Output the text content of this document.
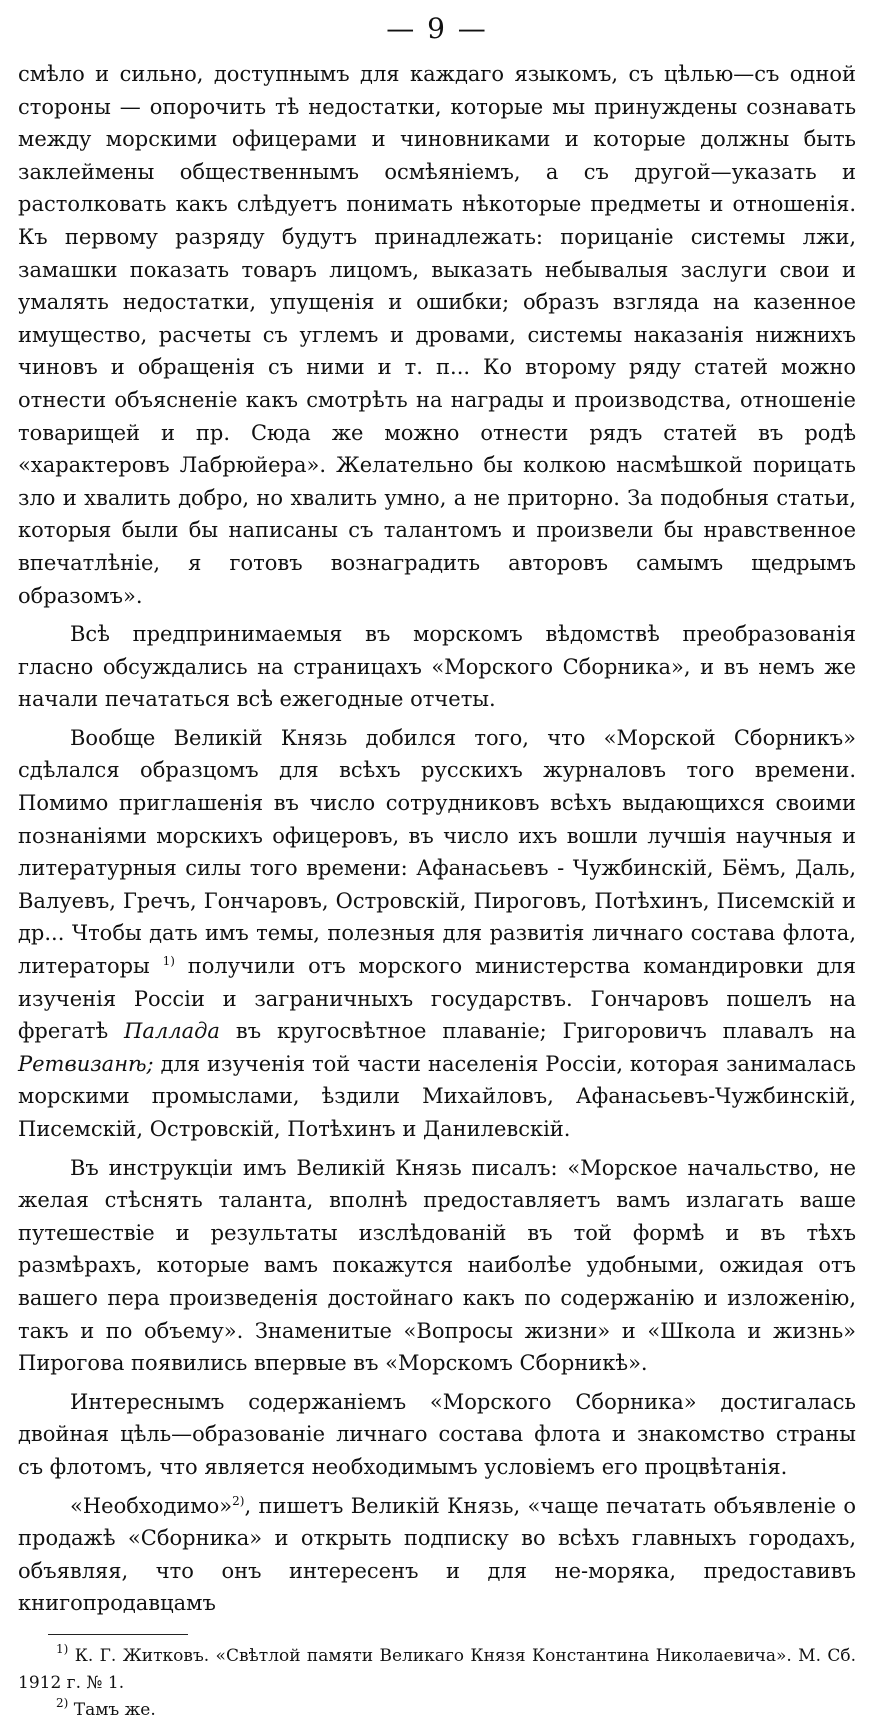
— 9 —

смѣло и сильно, доступнымъ для каждаго языкомъ, съ цѣлью—съ одной стороны — опорочить тѣ недостатки, которые мы принуждены сознавать между морскими офицерами и чиновниками и которые должны быть заклеймены общественнымъ осмѣяніемъ, а съ другой—указать и растолковать какъ слѣдуетъ понимать нѣкоторые предметы и отношенія. Къ первому разряду будутъ принадлежать: порицаніе системы лжи, замашки показать товаръ лицомъ, выказать небывалыя заслуги свои и умалять недостатки, упущенія и ошибки; образъ взгляда на казенное имущество, расчеты съ углемъ и дровами, системы наказанія нижнихъ чиновъ и обращенія съ ними и т. п... Ко второму ряду статей можно отнести объясненіе какъ смотрѣть на награды и производства, отношеніе товарищей и пр. Сюда же можно отнести рядъ статей въ родѣ «характеровъ Лабрюйера». Желательно бы колкою насмѣшкой порицать зло и хвалить добро, но хвалить умно, а не приторно. За подобныя статьи, которыя были бы написаны съ талантомъ и произвели бы нравственное впечатлѣніе, я готовъ вознаградить авторовъ самымъ щедрымъ образомъ».

Всѣ предпринимаемыя въ морскомъ вѣдомствѣ преобразованія гласно обсуждались на страницахъ «Морского Сборника», и въ немъ же начали печататься всѣ ежегодные отчеты.

Вообще Великій Князь добился того, что «Морской Сборникъ» сдѣлался образцомъ для всѣхъ русскихъ журналовъ того времени. Помимо приглашенія въ число сотрудниковъ всѣхъ выдающихся своими познаніями морскихъ офицеровъ, въ число ихъ вошли лучшія научныя и литературныя силы того времени: Афанасьевъ - Чужбинскій, Бёмъ, Даль, Валуевъ, Гречъ, Гончаровъ, Островскій, Пироговъ, Потѣхинъ, Писемскій и др... Чтобы дать имъ темы, полезныя для развитія личнаго состава флота, литераторы $^{1)}$ получили отъ морского министерства командировки для изученія Россіи и заграничныхъ государствъ. Гончаровъ пошелъ на фрегатѣ Паллада въ кругосвѣтное плаваніе; Григоровичъ плавалъ на Ретвизанѣ; для изученія той части населенія Россіи, которая занималась морскими промыслами, ѣздили Михайловъ, Афанасьевъ-Чужбинскій, Писемскій, Островскій, Потѣхинъ и Данилевскій.

Въ инструкціи имъ Великій Князь писалъ: «Морское начальство, не желая стѣснять таланта, вполнѣ предоставляетъ вамъ излагать ваше путешествіе и результаты изслѣдованій въ той формѣ и въ тѣхъ размѣрахъ, которые вамъ покажутся наиболѣе удобными, ожидая отъ вашего пера произведенія достойнаго какъ по содержанію и изложенію, такъ и по объему». Знаменитые «Вопросы жизни» и «Школа и жизнь» Пирогова появились впервые въ «Морскомъ Сборникѣ».

Интереснымъ содержаніемъ «Морского Сборника» достигалась двойная цѣль—образованіе личнаго состава флота и знакомство страны съ флотомъ, что является необходимымъ условіемъ его процвѣтанія.

«Необходимо»$^{2)}$, пишетъ Великій Князь, «чаще печатать объявленіе о продажѣ «Сборника» и открыть подписку во всѣхъ главныхъ городахъ, объявляя, что онъ интересенъ и для не-моряка, предоставивъ книгопродавцамъ

$^{1)}$ К. Г. Житковъ. «Свѣтлой памяти Великаго Князя Константина Николаевича». М. Сб. 1912 г. № 1.

$^{2)}$ Тамъ же.
